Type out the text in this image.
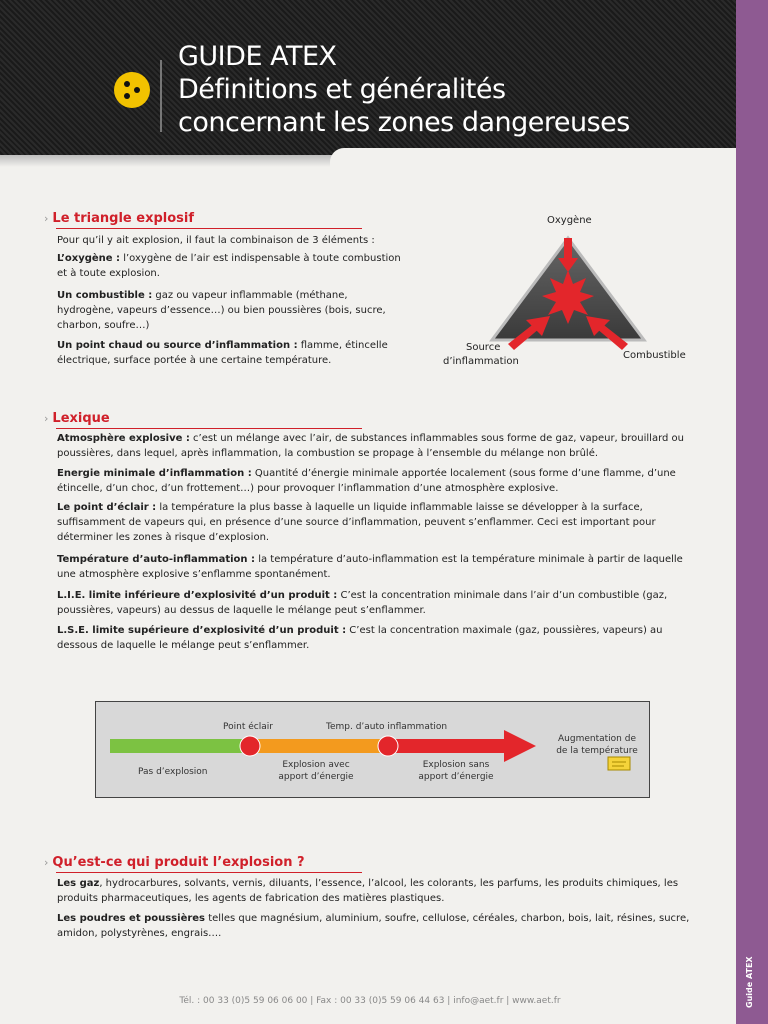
GUIDE ATEX
Définitions et généralités
concernant les zones dangereuses
Guide ATEX
› Le triangle explosif
Pour qu’il y ait explosion, il faut la combinaison de 3 éléments :
L’oxygène : l’oxygène de l’air est indispensable à toute combustion et à toute explosion.
Un combustible : gaz ou vapeur inflammable (méthane, hydrogène, vapeurs d’essence…) ou bien poussières (bois, sucre, charbon, soufre…)
Un point chaud ou source d’inflammation : flamme, étincelle électrique, surface portée à une certaine température.
Oxygène
Source
d’inflammation
Combustible
› Lexique
Atmosphère explosive : c’est un mélange avec l’air, de substances inflammables sous forme de gaz, vapeur, brouillard ou poussières, dans lequel, après inflammation, la combustion se propage à l’ensemble du mélange non brûlé.
Energie minimale d’inflammation : Quantité d’énergie minimale apportée localement (sous forme d’une flamme, d’une étincelle, d’un choc, d’un frottement…) pour provoquer l’inflammation d’une atmosphère explosive.
Le point d’éclair : la température la plus basse à laquelle un liquide inflammable laisse se développer à la surface, suffisamment de vapeurs qui, en présence d’une source d’inflammation, peuvent s’enflammer. Ceci est important pour déterminer les zones à risque d’explosion.
Température d’auto-inflammation : la température d’auto-inflammation est la température minimale à partir de laquelle une atmosphère explosive s’enflamme spontanément.
L.I.E. limite inférieure d’explosivité d’un produit : C’est la concentration minimale dans l’air d’un combustible (gaz, poussières, vapeurs) au dessus de laquelle le mélange peut s’enflammer.
L.S.E. limite supérieure d’explosivité d’un produit : C’est la concentration maximale (gaz, poussières, vapeurs) au dessous de laquelle le mélange peut s’enflammer.
Point éclair	Temp. d’auto inflammation
Pas d’explosion
Explosion avec
apport d’énergie
Explosion sans
apport d’énergie
Augmentation de
de la température
› Qu’est-ce qui produit l’explosion ?
Les gaz, hydrocarbures, solvants, vernis, diluants, l’essence, l’alcool, les colorants, les parfums, les produits chimiques, les produits pharmaceutiques, les agents de fabrication des matières plastiques.
Les poudres et poussières telles que magnésium, aluminium, soufre, cellulose, céréales, charbon, bois, lait, résines, sucre, amidon, polystyrènes, engrais….
Tél. : 00 33 (0)5 59 06 06 00 | Fax : 00 33 (0)5 59 06 44 63 | info@aet.fr | www.aet.fr
